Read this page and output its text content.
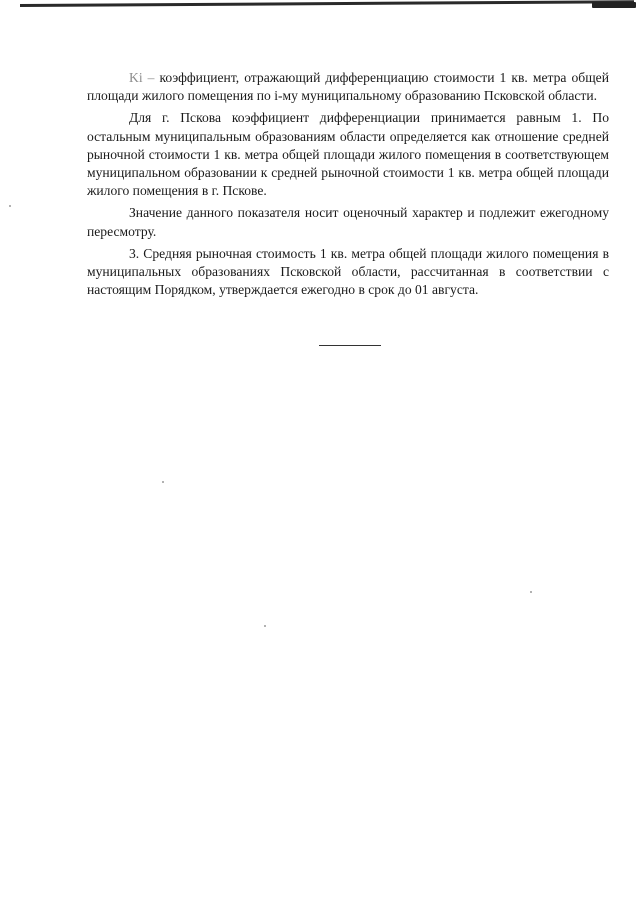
Ki – коэффициент, отражающий дифференциацию стоимости 1 кв. метра общей площади жилого помещения по i-му муниципальному образованию Псковской области.

Для г. Пскова коэффициент дифференциации принимается равным 1. По остальным муниципальным образованиям области определяется как отношение средней рыночной стоимости 1 кв. метра общей площади жилого помещения в соответствующем муниципальном образовании к средней рыночной стоимости 1 кв. метра общей площади жилого помещения в г. Пскове.

Значение данного показателя носит оценочный характер и подлежит ежегодному пересмотру.

3. Средняя рыночная стоимость 1 кв. метра общей площади жилого помещения в муниципальных образованиях Псковской области, рассчитанная в соответствии с настоящим Порядком, утверждается ежегодно в срок до 01 августа.
